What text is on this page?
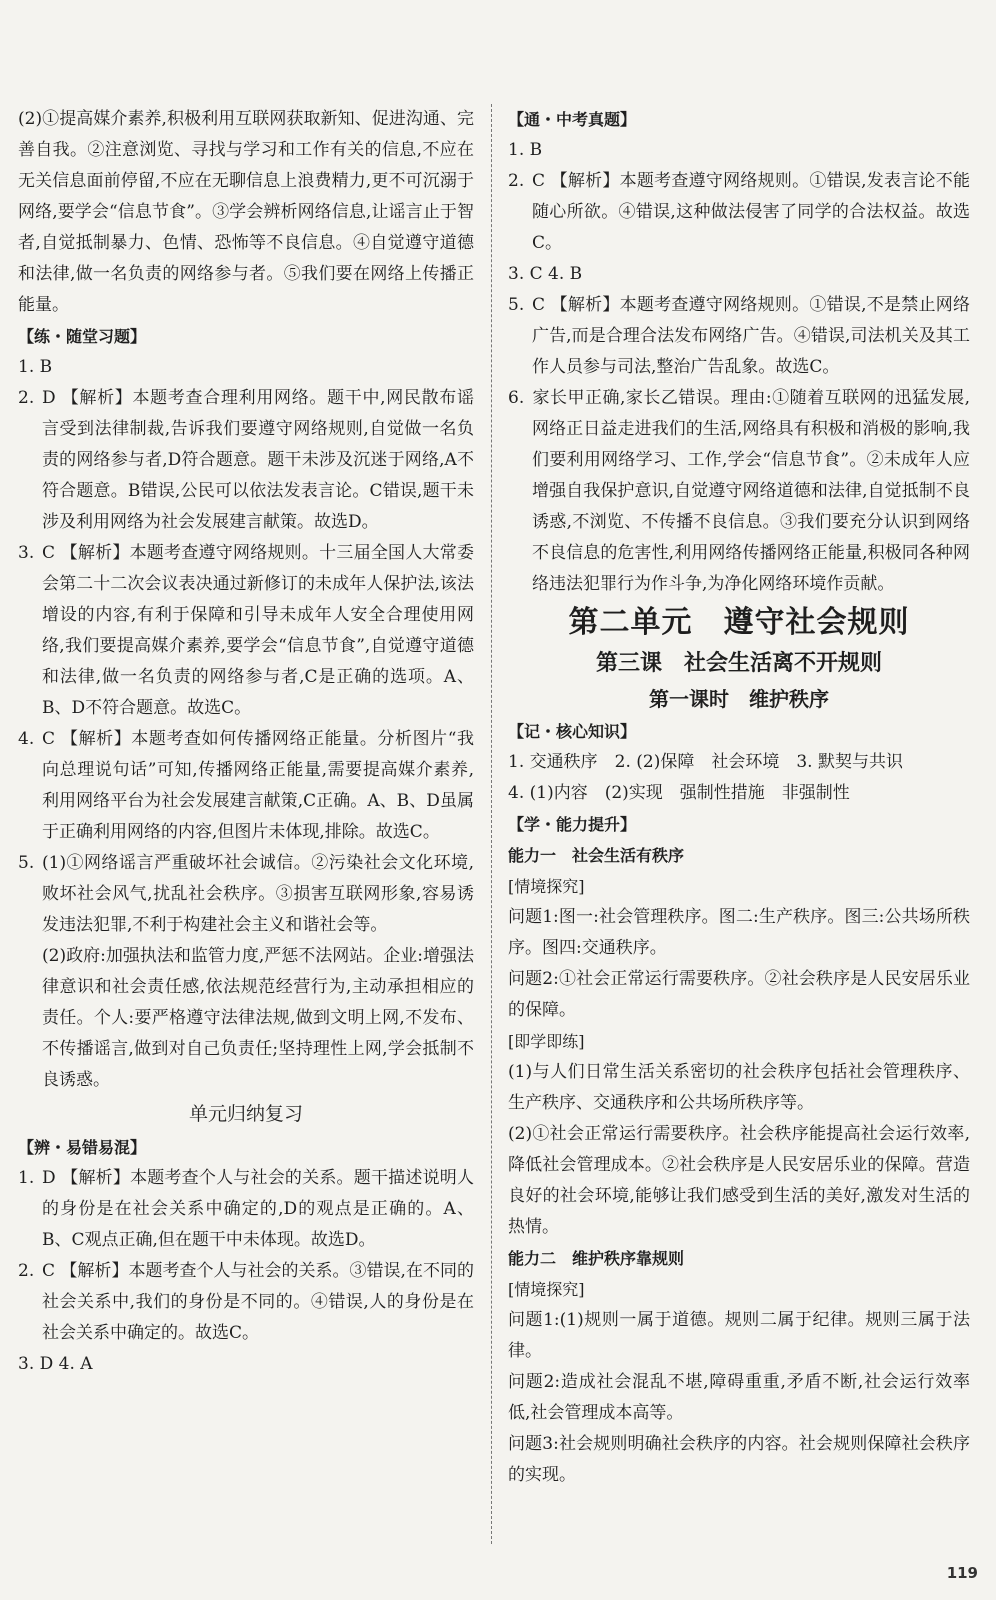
(2)①提高媒介素养,积极利用互联网获取新知、促进沟通、完善自我。②注意浏览、寻找与学习和工作有关的信息,不应在无关信息面前停留,不应在无聊信息上浪费精力,更不可沉溺于网络,要学会“信息节食”。③学会辨析网络信息,让谣言止于智者,自觉抵制暴力、色情、恐怖等不良信息。④自觉遵守道德和法律,做一名负责的网络参与者。⑤我们要在网络上传播正能量。

【练・随堂习题】

1. B

2. D 【解析】本题考查合理利用网络。题干中,网民散布谣言受到法律制裁,告诉我们要遵守网络规则,自觉做一名负责的网络参与者,D符合题意。题干未涉及沉迷于网络,A不符合题意。B错误,公民可以依法发表言论。C错误,题干未涉及利用网络为社会发展建言献策。故选D。

3. C 【解析】本题考查遵守网络规则。十三届全国人大常委会第二十二次会议表决通过新修订的未成年人保护法,该法增设的内容,有利于保障和引导未成年人安全合理使用网络,我们要提高媒介素养,要学会“信息节食”,自觉遵守道德和法律,做一名负责的网络参与者,C是正确的选项。A、B、D不符合题意。故选C。

4. C 【解析】本题考查如何传播网络正能量。分析图片“我向总理说句话”可知,传播网络正能量,需要提高媒介素养,利用网络平台为社会发展建言献策,C正确。A、B、D虽属于正确利用网络的内容,但图片未体现,排除。故选C。

5. (1)①网络谣言严重破坏社会诚信。②污染社会文化环境,败坏社会风气,扰乱社会秩序。③损害互联网形象,容易诱发违法犯罪,不利于构建社会主义和谐社会等。

(2)政府:加强执法和监管力度,严惩不法网站。企业:增强法律意识和社会责任感,依法规范经营行为,主动承担相应的责任。个人:要严格遵守法律法规,做到文明上网,不发布、不传播谣言,做到对自己负责任;坚持理性上网,学会抵制不良诱惑。

单元归纳复习

【辨・易错易混】

1. D 【解析】本题考查个人与社会的关系。题干描述说明人的身份是在社会关系中确定的,D的观点是正确的。A、B、C观点正确,但在题干中未体现。故选D。

2. C 【解析】本题考查个人与社会的关系。③错误,在不同的社会关系中,我们的身份是不同的。④错误,人的身份是在社会关系中确定的。故选C。

3. D 4. A

【通・中考真题】

1. B

2. C 【解析】本题考查遵守网络规则。①错误,发表言论不能随心所欲。④错误,这种做法侵害了同学的合法权益。故选C。

3. C 4. B

5. C 【解析】本题考查遵守网络规则。①错误,不是禁止网络广告,而是合理合法发布网络广告。④错误,司法机关及其工作人员参与司法,整治广告乱象。故选C。

6. 家长甲正确,家长乙错误。理由:①随着互联网的迅猛发展,网络正日益走进我们的生活,网络具有积极和消极的影响,我们要利用网络学习、工作,学会“信息节食”。②未成年人应增强自我保护意识,自觉遵守网络道德和法律,自觉抵制不良诱惑,不浏览、不传播不良信息。③我们要充分认识到网络不良信息的危害性,利用网络传播网络正能量,积极同各种网络违法犯罪行为作斗争,为净化网络环境作贡献。

第二单元　遵守社会规则

第三课　社会生活离不开规则

第一课时　维护秩序

【记・核心知识】

1. 交通秩序　2. (2)保障　社会环境　3. 默契与共识

4. (1)内容　(2)实现　强制性措施　非强制性

【学・能力提升】

能力一　社会生活有秩序

[情境探究]

问题1:图一:社会管理秩序。图二:生产秩序。图三:公共场所秩序。图四:交通秩序。

问题2:①社会正常运行需要秩序。②社会秩序是人民安居乐业的保障。

[即学即练]

(1)与人们日常生活关系密切的社会秩序包括社会管理秩序、生产秩序、交通秩序和公共场所秩序等。

(2)①社会正常运行需要秩序。社会秩序能提高社会运行效率,降低社会管理成本。②社会秩序是人民安居乐业的保障。营造良好的社会环境,能够让我们感受到生活的美好,激发对生活的热情。

能力二　维护秩序靠规则

[情境探究]

问题1:(1)规则一属于道德。规则二属于纪律。规则三属于法律。

问题2:造成社会混乱不堪,障碍重重,矛盾不断,社会运行效率低,社会管理成本高等。

问题3:社会规则明确社会秩序的内容。社会规则保障社会秩序的实现。

119
